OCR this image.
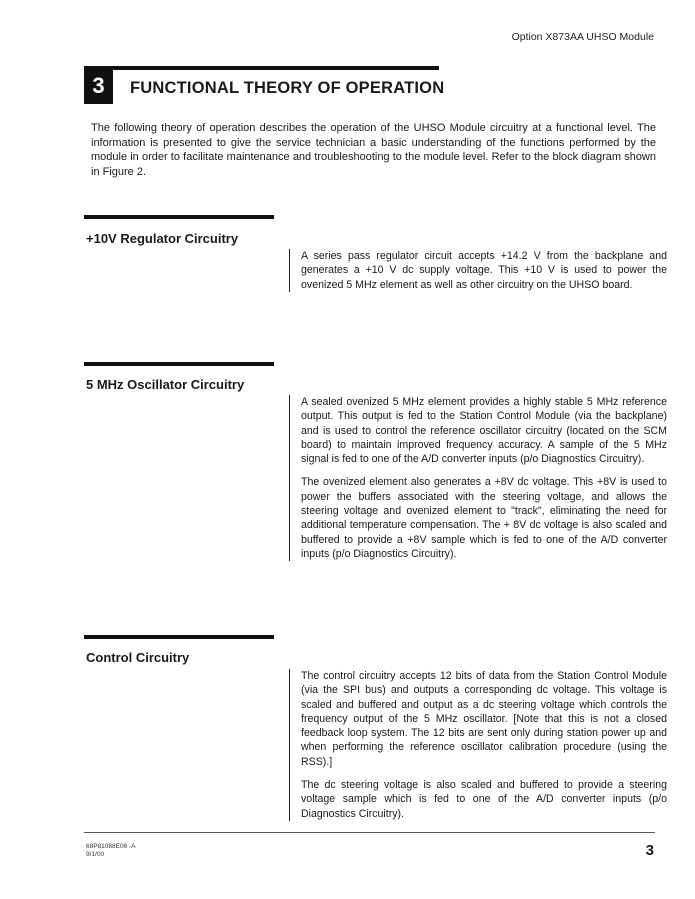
Option X873AA UHSO Module
3	FUNCTIONAL THEORY OF OPERATION

The following theory of operation describes the operation of the UHSO Module circuitry at a functional level. The information is presented to give the service technician a basic understanding of the functions performed by the module in order to facilitate maintenance and troubleshooting to the module level. Refer to the block diagram shown in Figure 2.

+10V Regulator Circuitry

A series pass regulator circuit accepts +14.2 V from the backplane and generates a +10 V dc supply voltage. This +10 V is used to power the ovenized 5 MHz element as well as other circuitry on the UHSO board.

5 MHz Oscillator Circuitry

A sealed ovenized 5 MHz element provides a highly stable 5 MHz reference output. This output is fed to the Station Control Module (via the backplane) and is used to control the reference oscillator circuitry (located on the SCM board) to maintain improved frequency accuracy. A sample of the 5 MHz signal is fed to one of the A/D converter inputs (p/o Diagnostics Circuitry).

The ovenized element also generates a +8V dc voltage. This +8V is used to power the buffers associated with the steering voltage, and allows the steering voltage and ovenized element to "track", eliminating the need for additional temperature compensation. The + 8V dc voltage is also scaled and buffered to provide a +8V sample which is fed to one of the A/D converter inputs (p/o Diagnostics Circuitry).

Control Circuitry

The control circuitry accepts 12 bits of data from the Station Control Module (via the SPI bus) and outputs a corresponding dc voltage. This voltage is scaled and buffered and output as a dc steering voltage which controls the frequency output of the 5 MHz oscillator. [Note that this is not a closed feedback loop system. The 12 bits are sent only during station power up and when performing the reference oscillator calibration procedure (using the RSS).]

The dc steering voltage is also scaled and buffered to provide a steering voltage sample which is fed to one of the A/D converter inputs (p/o Diagnostics Circuitry).

68P81088E06 -A
9/1/00	3
